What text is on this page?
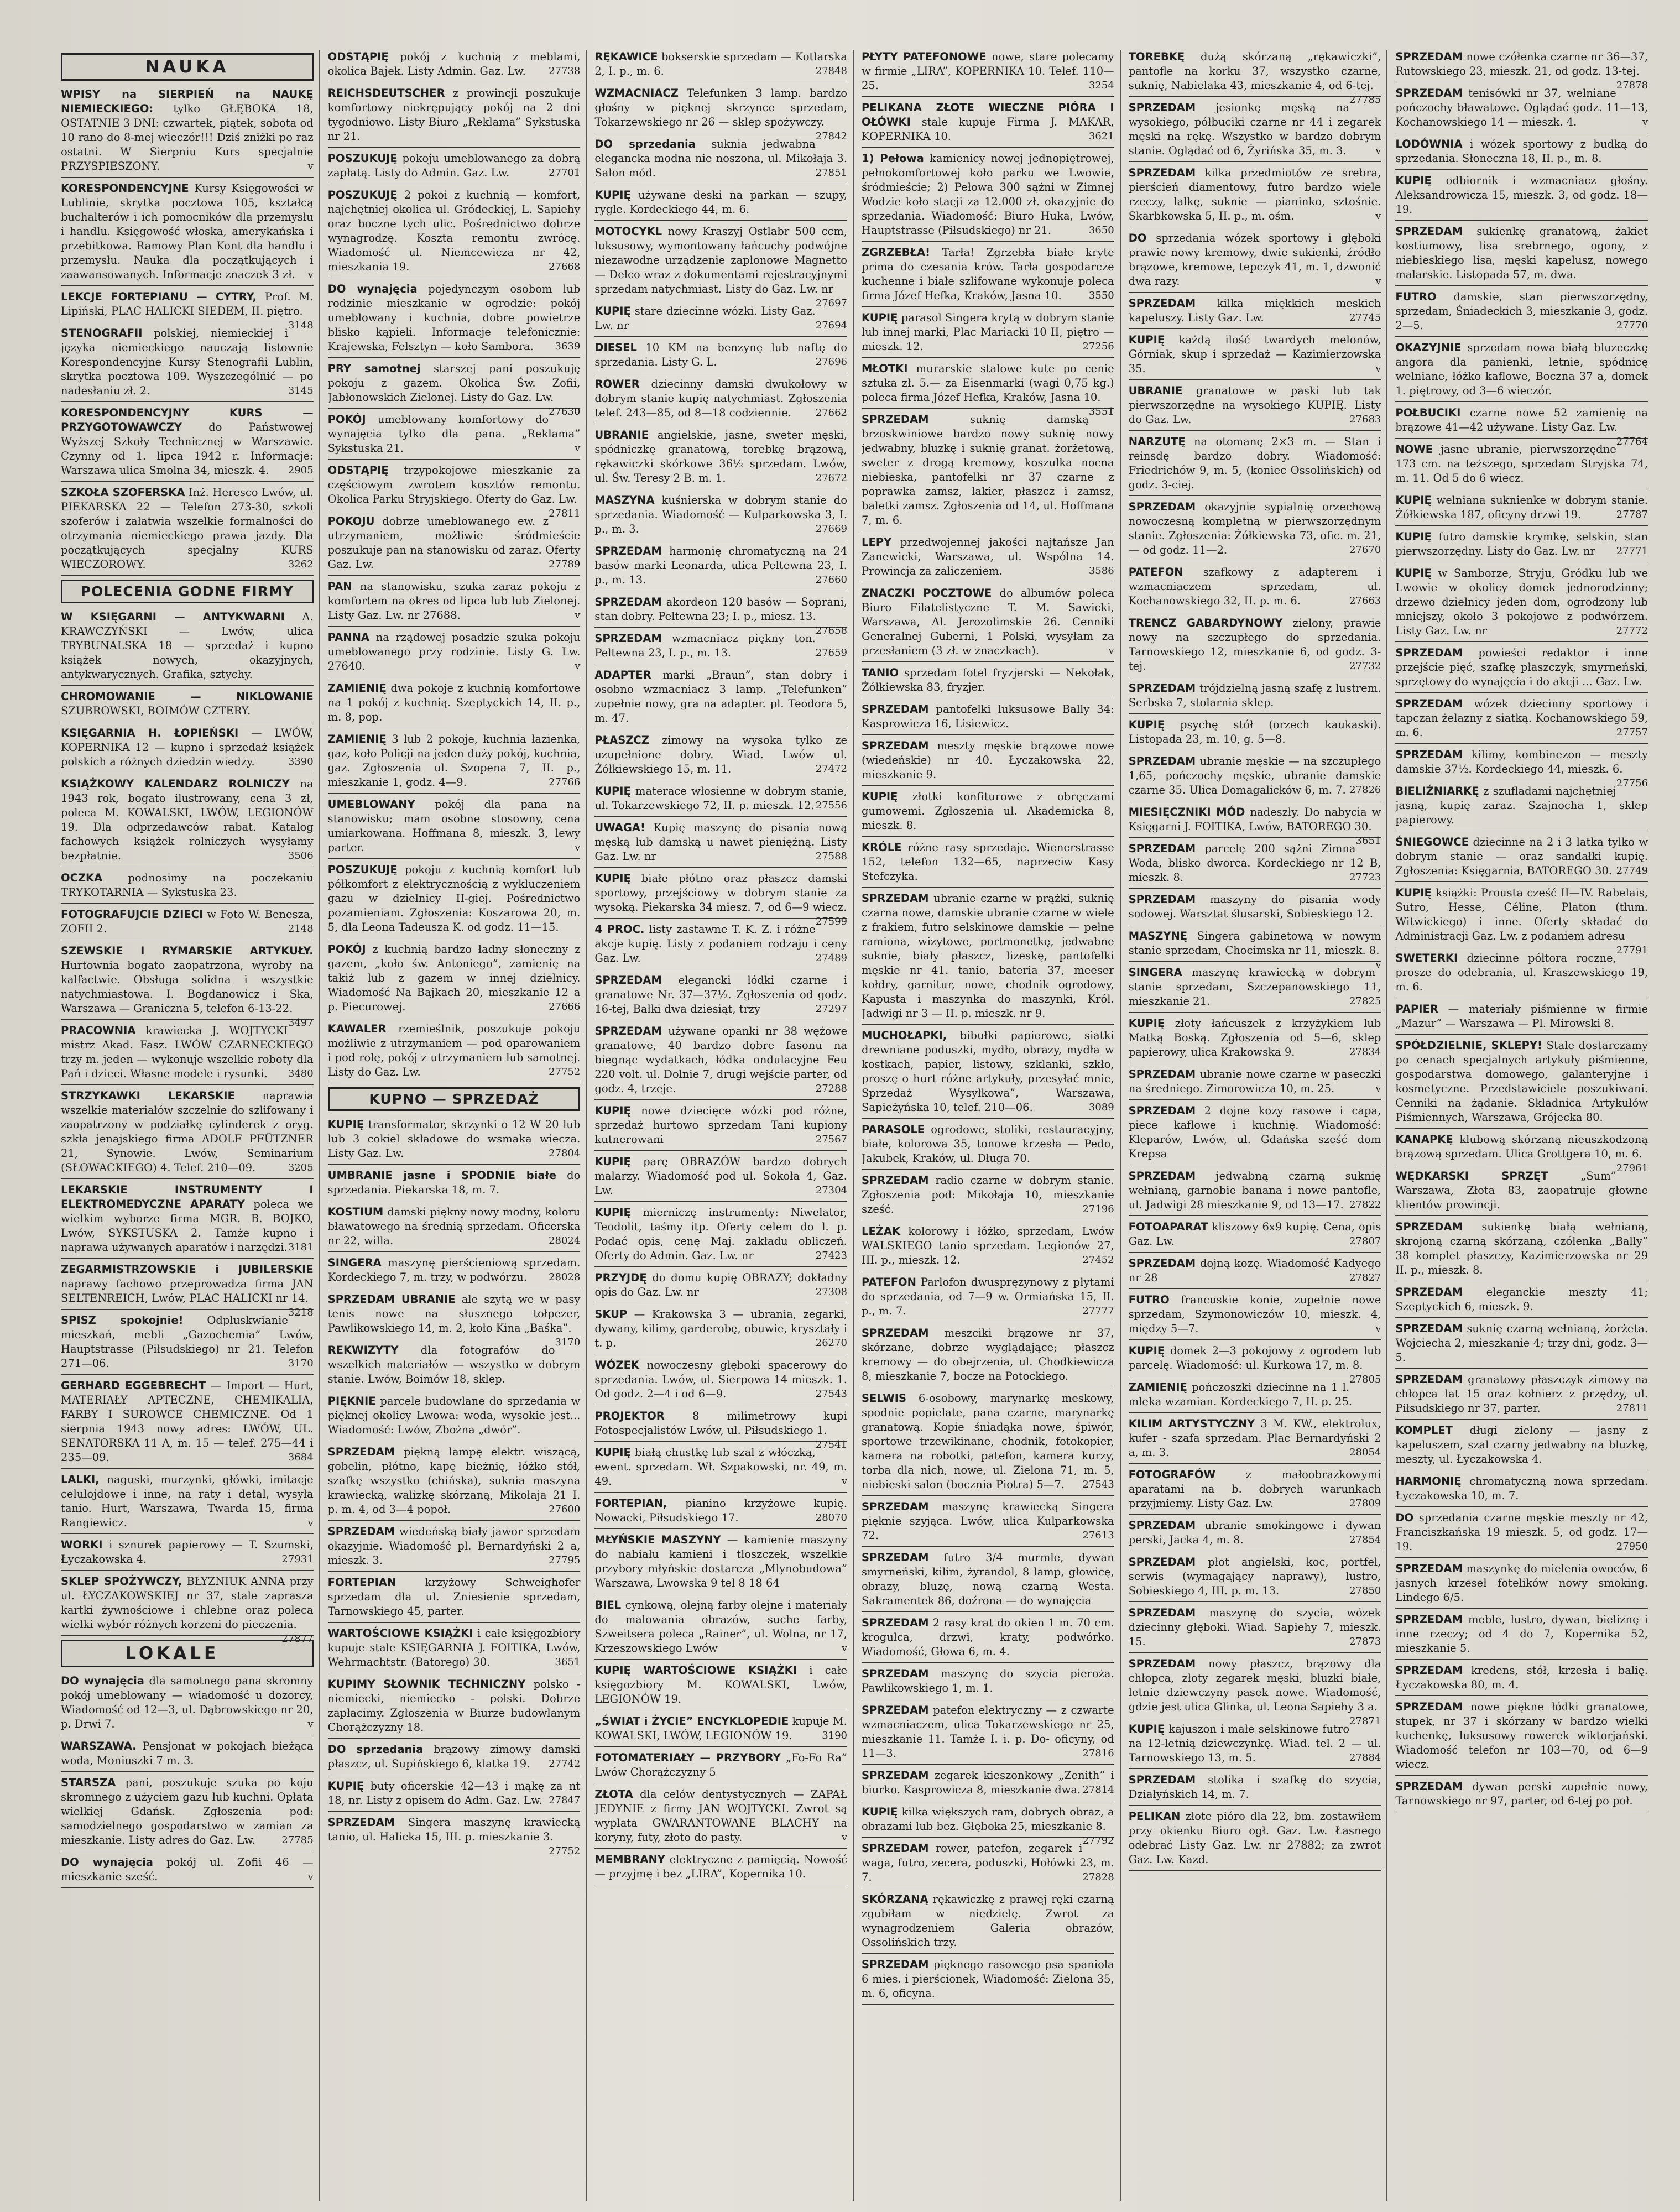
NAUKA
WPISY na SIERPIEŃ na NAUKĘ NIEMIECKIEGO: tylko GŁĘBOKA 18, OSTATNIE 3 DNI: czwartek, piątek, sobota od 10 rano do 8-mej wieczór!!! Dziś zniżki po raz ostatni. W Sierpniu Kurs specjalnie PRZYSPIESZONY.	v
KORESPONDENCYJNE Kursy Księgowości w Lublinie, skrytka pocztowa 105, kształcą buchalterów i ich pomocników dla przemysłu i handlu. Księgowość włoska, amerykańska i przebitkowa. Ramowy Plan Kont dla handlu i przemysłu. Nauka dla początkujących i zaawansowanych. Informacje znaczek 3 zł. v
LEKCJE FORTEPIANU — CYTRY, Prof. M. Lipiński, PLAC HALICKI SIEDEM, II. piętro.
3148
STENOGRAFII polskiej, niemieckiej i języka niemieckiego nauczają listownie Korespondencyjne Kursy Stenografii Lublin, skrytka pocztowa 109. Wyszczególnić — po nadesłaniu zł. 2.	3145
KORESPONDENCYJNY KURS — PRZYGOTOWAWCZY do Państwowej Wyższej Szkoły Technicznej w Warszawie. Czynny od 1. lipca 1942 r. Informacje: Warszawa ulica Smolna 34, mieszk. 4. 2905
SZKOŁA SZOFERSKA Inż. Heresco Lwów, ul. PIEKARSKA 22 — Telefon 273-30, szkoli szoferów i załatwia wszelkie formalności do otrzymania niemieckiego prawa jazdy. Dla początkujących specjalny KURS WIECZOROWY.	3262
POLECENIA GODNE FIRMY
W KSIĘGARNI — ANTYKWARNI A. KRAWCZYŃSKI — Lwów, ulica TRYBUNALSKA 18 — sprzedaż i kupno książek nowych, okazyjnych, antykwarycznych. Grafika, sztychy.
CHROMOWANIE — NIKLOWANIE SZUBROWSKI, BOIMÓW CZTERY.
KSIĘGARNIA H. ŁOPIEŃSKI — LWÓW, KOPERNIKA 12 — kupno i sprzedaż książek polskich a różnych dziedzin wiedzy.	3390
KSIĄŻKOWY KALENDARZ ROLNICZY na 1943 rok, bogato ilustrowany, cena 3 zł, poleca M. KOWALSKI, LWÓW, LEGIONÓW 19. Dla odprzedawców rabat. Katalog fachowych książek rolniczych wysyłamy bezpłatnie.	3506
OCZKA podnosimy na poczekaniu TRYKOTARNIA — Sykstuska 23.
FOTOGRAFUJCIE DZIECI w Foto W. Benesza, ZOFII 2.	2148
SZEWSKIE I RYMARSKIE ARTYKUŁY. Hurtownia bogato zaopatrzona, wyroby na kalfactwie. Obsługa solidna i wszystkie natychmiastowa. I. Bogdanowicz i Ska, Warszawa — Graniczna 5, telefon 6-13-22.
3497
PRACOWNIA krawiecka J. WOJTYCKI mistrz Akad. Fasz. LWÓW CZARNECKIEGO trzy m. jeden — wykonuje wszelkie roboty dla Pań i dzieci. Własne modele i rysunki. 3480
STRZYKAWKI LEKARSKIE	naprawia wszelkie materiałów szczelnie do szlifowany i zaopatrzony w podziałkę cylinderek z oryg. szkła jenajskiego firma ADOLF PFÜTZNER 21, Synowie. Lwów, Seminarium (SŁOWACKIEGO) 4. Telef. 210—09.	3205
LEKARSKIE INSTRUMENTY I ELEKTROMEDYCZNE APARATY poleca we wielkim wyborze firma MGR. B. BOJKO, Lwów, SYKSTUSKA 2. Tamże kupno i naprawa używanych aparatów i narzędzi. 3181
ZEGARMISTRZOWSKIE i JUBILERSKIE naprawy fachowo przeprowadza firma JAN SELTENREICH, Lwów, PLAC HALICKI nr 14.
3218
SPISZ spokojnie! Odpluskwianie mieszkań, mebli „Gazochemia” Lwów, Hauptstrasse (Piłsudskiego) nr 21. Telefon 271—06.	3170
GERHARD EGGEBRECHT — Import — Hurt, MATERIAŁY APTECZNE, CHEMIKALIA, FARBY I SUROWCE CHEMICZNE. Od 1 sierpnia 1943 nowy adres: LWÓW, UL. SENATORSKA 11 A, m. 15 — telef. 275—44 i 235—09.	3684
LALKI, naguski, murzynki, główki, imitacje celulojdowe i inne, na raty i detal, wysyła tanio. Hurt, Warszawa, Twarda 15, firma Rangiewicz.	v
WORKI i sznurek papierowy — T. Szumski, Łyczakowska 4.	27931
SKLEP SPOŻYWCZY, BŁYZNIUK ANNA przy ul. ŁYCZAKOWSKIEJ nr 37, stale zaprasza kartki żywnościowe i chlebne oraz poleca wielki wybór różnych korzeni do pieczenia.
27877
LOKALE
DO wynajęcia dla samotnego pana skromny pokój umeblowany — wiadomość u dozorcy, Wiadomość od 12—3, ul. Dąbrowskiego nr 20, p. Drwi 7.	v
WARSZAWA. Pensjonat w pokojach bieżąca woda, Moniuszki 7 m. 3.
STARSZA pani, poszukuje szuka po koju skromnego z użyciem gazu lub kuchni. Opłata wielkiej Gdańsk. Zgłoszenia pod: samodzielnego gospodarstwo w zamian za mieszkanie. Listy adres do Gaz. Lw.	27785
DO wynajęcia pokój ul. Zofii 46 — mieszkanie sześć.	v
ODSTĄPIĘ pokój z kuchnią z meblami, okolica Bajek. Listy Admin. Gaz. Lw. 27738
REICHSDEUTSCHER z prowincji poszukuje komfortowy niekrępujący pokój na 2 dni tygodniowo. Listy Biuro „Reklama” Sykstuska nr 21.
POSZUKUJĘ pokoju umeblowanego za dobrą zapłatą. Listy do Admin. Gaz. Lw.	27701
POSZUKUJĘ 2 pokoi z kuchnią — komfort, najchętniej okolica ul. Gródeckiej, L. Sapiehy oraz boczne tych ulic. Pośrednictwo dobrze wynagrodzę. Koszta remontu zwrócę. Wiadomość ul. Niemcewicza nr 42, mieszkania 19.	27668
DO wynajęcia pojedynczym osobom lub rodzinie mieszkanie w ogrodzie: pokój umeblowany i kuchnia, dobre powietrze blisko kąpieli. Informacje telefonicznie: Krajewska, Felsztyn — koło Sambora. 3639
PRY samotnej starszej pani poszukuję pokoju z gazem. Okolica Św. Zofii, Jabłonowskich Zielonej. Listy do Gaz. Lw.
27630
POKÓJ umeblowany komfortowy do wynajęcia tylko dla pana. „Reklama” Sykstuska 21.	v
ODSTĄPIĘ trzypokojowe mieszkanie za częściowym zwrotem kosztów remontu. Okolica Parku Stryjskiego. Oferty do Gaz. Lw.
27811
POKOJU dobrze umeblowanego ew. z utrzymaniem, możliwie śródmieście poszukuje pan na stanowisku od zaraz. Oferty Gaz. Lw.	27789
PAN na stanowisku, szuka zaraz pokoju z komfortem na okres od lipca lub lub Zielonej. Listy Gaz. Lw. nr 27688.	v
PANNA na rządowej posadzie szuka pokoju umeblowanego przy rodzinie. Listy G. Lw. 27640.	v
ZAMIENIĘ dwa pokoje z kuchnią komfortowe na 1 pokój z kuchnią. Szeptyckich 14, II. p., m. 8, pop.
ZAMIENIĘ 3 lub 2 pokoje, kuchnia łazienka, gaz, koło Policji na jeden duży pokój, kuchnia, gaz. Zgłoszenia ul. Szopena 7, II. p., mieszkanie 1, godz. 4—9.	27766
UMEBLOWANY pokój dla pana na stanowisku; mam osobne stosowny, cena umiarkowana. Hoffmana 8, mieszk. 3, lewy parter.	v
POSZUKUJĘ pokoju z kuchnią komfort lub półkomfort z elektrycznością z wykluczeniem gazu w dzielnicy II-giej. Pośrednictwo pozamieniam. Zgłoszenia: Koszarowa 20, m. 5, dla Leona Tadeusza K. od godz. 11—15.
POKÓJ z kuchnią bardzo ładny słoneczny z gazem, „koło św. Antoniego”, zamienię na takiż lub z gazem w innej dzielnicy. Wiadomość Na Bajkach 20, mieszkanie 12 a p. Piecurowej.	27666
KAWALER rzemieślnik, poszukuje pokoju możliwie z utrzymaniem — pod oparowaniem i pod rolę, pokój z utrzymaniem lub samotnej. Listy do Gaz. Lw.	27752
KUPNO — SPRZEDAŻ
KUPIĘ transformator, skrzynki o 12 W 20 lub lub 3 cokiel składowe do wsmaka wiecza. Listy Gaz. Lw.	27804
UMBRANIE jasne i SPODNIE białe do sprzedania. Piekarska 18, m. 7.
KOSTIUM damski piękny nowy modny, koloru bławatowego na średnią sprzedam. Oficerska nr 22, willa.	28024
SINGERA maszynę pierścieniową sprzedam. Kordeckiego 7, m. trzy, w podwórzu. 28028
SPRZEDAM UBRANIE ale szytą we w pasy tenis nowe na słusznego tołpezer, Pawlikowskiego 14, m. 2, koło Kina „Baśka”.
3170
REKWIZYTY dla fotografów do wszelkich materiałów — wszystko w dobrym stanie. Lwów, Boimów 18, sklep.
PIĘKNIE parcele budowlane do sprzedania w pięknej okolicy Lwowa: woda, wysokie jest... Wiadomość: Lwów, Zbożna „dwór”.
SPRZEDAM piękną lampę elektr. wiszącą, gobelin, płótno, kapę bieżnię, łóżko stół, szafkę wszystko (chińska), suknia maszyna krawiecką, walizkę skórzaną, Mikołaja 21 I. p. m. 4, od 3—4 popoł.	27600
SPRZEDAM wiedeńską biały jawor sprzedam okazyjnie. Wiadomość pl. Bernardyński 2 a, mieszk. 3.	27795
FORTEPIAN	krzyżowy Schweighofer sprzedam dla ul. Zniesienie sprzedam, Tarnowskiego 45, parter.
WARTOŚCIOWE KSIĄŻKI i całe księgozbiory kupuje stale KSIĘGARNIA J. FOITIKA, Lwów, Wehrmachtstr. (Batorego) 30.	3651
KUPIMY SŁOWNIK TECHNICZNY polsko - niemiecki, niemiecko - polski. Dobrze zapłacimy. Zgłoszenia w Biurze budowlanym Chorążczyzny 18.
DO sprzedania brązowy zimowy damski płaszcz, ul. Supińskiego 6, klatka 19. 27742
KUPIĘ buty oficerskie 42—43 i mąkę za nt 18, nr. Listy z opisem do Adm. Gaz. Lw. 27847
SPRZEDAM Singera maszynę krawiecką tanio, ul. Halicka 15, III. p. mieszkanie 3.
27752
RĘKAWICE bokserskie sprzedam — Kotlarska 2, I. p., m. 6.	27848
WZMACNIACZ Telefunken 3 lamp. bardzo głośny w pięknej skrzynce sprzedam, Tokarzewskiego nr 26 — sklep spożywczy.
27842
DO sprzedania suknia jedwabna elegancka modna nie noszona, ul. Mikołaja 3. Salon mód.	27851
KUPIĘ używane deski na parkan — szupy, rygle. Kordeckiego 44, m. 6.
MOTOCYKL nowy Kraszyj Ostlabr 500 ccm, luksusowy, wymontowany łańcuchy podwójne niezawodne urządzenie zapłonowe Magnetto — Delco wraz z dokumentami rejestracyjnymi sprzedam natychmiast. Listy do Gaz. Lw. nr
27697
KUPIĘ stare dziecinne wózki. Listy Gaz. Lw. nr	27694
DIESEL 10 KM na benzynę lub naftę do sprzedania. Listy G. L.	27696
ROWER dziecinny damski dwukołowy w dobrym stanie kupię natychmiast. Zgłoszenia telef. 243—85, od 8—18 codziennie. 27662
UBRANIE angielskie, jasne, sweter męski, spódniczkę granatową, torebkę brązową, rękawiczki skórkowe 36½ sprzedam. Lwów, ul. Św. Teresy 2 B. m. 1.	27672
MASZYNA kuśnierska w dobrym stanie do sprzedania. Wiadomość — Kulparkowska 3, I. p., m. 3.	27669
SPRZEDAM harmonię chromatyczną na 24 basów marki Leonarda, ulica Peltewna 23, I. p., m. 13.	27660
SPRZEDAM akordeon 120 basów — Soprani, stan dobry. Peltewna 23; I. p., miesz. 13.
27658
SPRZEDAM wzmacniacz piękny ton. Peltewna 23, I. p., m. 13.	27659
ADAPTER marki „Braun”, stan dobry i osobno wzmacniacz 3 lamp. „Telefunken” zupełnie nowy, gra na adapter. pl. Teodora 5, m. 47.
PŁASZCZ zimowy na wysoka tylko ze uzupełnione dobry. Wiad. Lwów ul. Żółkiewskiego 15, m. 11.	27472
KUPIĘ materace włosienne w dobrym stanie, ul. Tokarzewskiego 72, II. p. mieszk. 12. 27556
UWAGA! Kupię maszynę do pisania nową męską lub damską u nawet pieniężną. Listy Gaz. Lw. nr	27588
KUPIĘ białe płótno oraz płaszcz damski sportowy, przejściowy w dobrym stanie za wysoką. Piekarska 34 miesz. 7, od 6—9 wiecz.
27599
4 PROC. listy zastawne T. K. Z. i różne akcje kupię. Listy z podaniem rodzaju i ceny Gaz. Lw.	27489
SPRZEDAM elegancki łódki czarne i granatowe Nr. 37—37½. Zgłoszenia od godz. 16-tej, Bałki dwa dziesiąt, trzy	27297
SPRZEDAM używane opanki nr 38 wężowe granatowe, 40 bardzo dobre fasonu na biegnąc wydatkach, łódka ondulacyjne Feu 220 volt. ul. Dolnie 7, drugi wejście parter, od godz. 4, trzeje.	27288
KUPIĘ nowe dziecięce wózki pod różne, sprzedaż hurtowo sprzedam Tani kupiony kutnerowani	27567
KUPIĘ parę OBRAZÓW bardzo dobrych malarzy. Wiadomość pod ul. Sokoła 4, Gaz. Lw.	27304
KUPIĘ mierniczę instrumenty: Niwelator, Teodolit, taśmy itp. Oferty celem do l. p. Podać opis, cenę Maj. zakładu obliczeń. Oferty do Admin. Gaz. Lw. nr	27423
PRZYJDĘ do domu kupię OBRAZY; dokładny opis do Gaz. Lw. nr	27308
SKUP — Krakowska 3 — ubrania, zegarki, dywany, kilimy, garderobę, obuwie, kryształy i t. p.	26270
WÓZEK nowoczesny głęboki spacerowy do sprzedania. Lwów, ul. Sierpowa 14 mieszk. 1. Od godz. 2—4 i od 6—9.	27543
PROJEKTOR	8 milimetrowy kupi Fotospecjalistów Lwów, ul. Piłsudskiego 1.
27541
KUPIĘ białą chustkę lub szal z włóczką, ewent. sprzedam. Wł. Szpakowski, nr. 49, m. 49.	v
FORTEPIAN, pianino krzyżowe kupię. Nowacki, Piłsudskiego 17.	28070
MŁYŃSKIE MASZYNY — kamienie maszyny do nabiału kamieni i tłoszczek, wszelkie przybory młyńskie dostarcza „Mlynobudowa” Warszawa, Lwowska 9 tel 8 18 64
BIEL cynkową, olejną farby olejne i materiały do malowania obrazów, suche farby, Szweitsera poleca „Rainer”, ul. Wolna, nr 17, Krzeszowskiego Lwów	v
KUPIĘ WARTOŚCIOWE KSIĄŻKI i całe księgozbiory M. KOWALSKI, Lwów, LEGIONÓW 19.
„ŚWIAT i ŻYCIE” ENCYKLOPEDIE kupuje M. KOWALSKI, LWÓW, LEGIONÓW 19.	3190
FOTOMATERIAŁY — PRZYBORY „Fo-Fo Ra” Lwów Chorążczyzny 5
ZŁOTA dla celów dentystycznych — ZAPAŁ JEDYNIE z firmy JAN WOJTYCKI. Zwrot są wyplata GWARANTOWANE BLACHY na koryny, futy, złoto do pasty.	v
MEMBRANY elektryczne z pamięcią. Nowość — przyjmę i bez „LIRA”, Kopernika 10.
PŁYTY PATEFONOWE nowe, stare polecamy w firmie „LIRA”, KOPERNIKA 10. Telef. 110—25.	3254
PELIKANA ZŁOTE WIECZNE PIÓRA I OŁÓWKI stale kupuje Firma J. MAKAR, KOPERNIKA 10.	3621
1) Pełowa kamienicy nowej jednopiętrowej, pełnokomfortowej koło parku we Lwowie, śródmieście; 2) Pełowa 300 sążni w Zimnej Wodzie koło stacji za 12.000 zł. okazyjnie do sprzedania. Wiadomość: Biuro Huka, Lwów, Hauptstrasse (Piłsudskiego) nr 21.	3650
ZGRZEBŁA! Tarła! Zgrzebła białe kryte prima do czesania krów. Tarła gospodarcze kuchenne i białe szlifowane wykonuje poleca firma Józef Hefka, Kraków, Jasna 10.	3550
KUPIĘ parasol Singera krytą w dobrym stanie lub innej marki, Plac Mariacki 10 II, piętro — mieszk. 12.	27256
MŁOTKI murarskie stalowe kute po cenie sztuka zł. 5.— za Eisenmarki (wagi 0,75 kg.) poleca firma Józef Hefka, Kraków, Jasna 10.
3551
SPRZEDAM	suknię damską brzoskwiniowe bardzo nowy suknię nowy jedwabny, bluzkę i suknię granat. żorżetową, sweter z drogą kremowy, koszulka nocna niebieska, pantofelki nr 37 czarne z poprawka zamsz, lakier, płaszcz i zamsz, baletki zamsz. Zgłoszenia od 14, ul. Hoffmana 7, m. 6.
LEPY przedwojennej jakości najtańsze Jan Zanewicki, Warszawa, ul. Wspólna 14. Prowincja za zaliczeniem.	3586
ZNACZKI POCZTOWE do albumów poleca Biuro Filatelistyczne T. M. Sawicki, Warszawa, Al. Jerozolimskie 26. Cenniki Generalnej Guberni, 1 Polski, wysyłam za przesłaniem (3 zł. w znaczkach).	v
TANIO sprzedam fotel fryzjerski — Nekołak, Żółkiewska 83, fryzjer.
SPRZEDAM pantofelki luksusowe Bally 34: Kasprowicza 16, Lisiewicz.
SPRZEDAM meszty męskie brązowe nowe (wiedeńskie) nr 40. Łyczakowska 22, mieszkanie 9.
KUPIĘ złotki konfiturowe z obręczami gumowemi. Zgłoszenia ul. Akademicka 8, mieszk. 8.
KRÓLE różne rasy sprzedaje. Wienerstrasse 152, telefon 132—65, naprzeciw Kasy Stefczyka.
SPRZEDAM ubranie czarne w prążki, suknię czarna nowe, damskie ubranie czarne w wiele z frakiem, futro selskinowe damskie — pełne ramiona, wizytowe, portmonetkę, jedwabne suknie, biały płaszcz, lizeskę, pantofelki męskie nr 41. tanio, bateria 37, meeser kołdry, garnitur, nowe, chodnik ogrodowy, Kapusta i maszynka do maszynki, Król. Jadwigi nr 3 — II. p. mieszk. nr 9.
MUCHOŁAPKI, bibułki papierowe, siatki drewniane poduszki, mydło, obrazy, mydła w kostkach, papier, listowy, szklanki, szkło, proszę o hurt różne artykuły, przesyłać mnie, Sprzedaż Wysyłkowa”, Warszawa, Sapieżyńska 10, telef. 210—06.	3089
PARASOLE ogrodowe, stoliki, restauracyjny, białe, kolorowa 35, tonowe krzesła — Pedo, Jakubek, Kraków, ul. Długa 70.
SPRZEDAM radio czarne w dobrym stanie. Zgłoszenia pod: Mikołaja 10, mieszkanie sześć.	27196
LEŻAK kolorowy i łóżko, sprzedam, Lwów WALSKIEGO tanio sprzedam. Legionów 27, III. p., mieszk. 12.	27452
PATEFON Parlofon dwuspręzynowy z płytami do sprzedania, od 7—9 w. Ormiańska 15, II. p., m. 7.	27777
SPRZEDAM meszciki brązowe nr 37, skórzane, dobrze wyglądające; płaszcz kremowy — do obejrzenia, ul. Chodkiewicza 8, mieszkanie 7, bocze na Potockiego.
SELWIS 6-osobowy, marynarkę meskowy, spodnie popielate, pana czarne, marynarkę granatową. Kopie śniadąka nowe, śpiwór, sportowe trzewikinane, chodnik, fotokopier, kamera na robotki, patefon, kamera kurzy, torba dla nich, nowe, ul. Zielona 71, m. 5, niebieski salon (bocznia Piotra) 5—7. 27543
SPRZEDAM maszynę krawiecką Singera pięknie szyjąca. Lwów, ulica Kulparkowska 72.	27613
SPRZEDAM futro 3/4 murmle, dywan smyrneński, kilim, żyrandol, 8 lamp, głowicę, obrazy, bluzę, nową czarną Westa. Sakramentek 86, doźrona — do wynajęcia
SPRZEDAM 2 rasy krat do okien 1 m. 70 cm. krogulca, drzwi, kraty, podwórko. Wiadomość, Głowa 6, m. 4.
SPRZEDAM maszynę do szycia pieroża. Pawlikowskiego 1, m. 1.
SPRZEDAM patefon elektryczny — z czwarte wzmacniaczem, ulica Tokarzewskiego nr 25, mieszkanie 11. Tamże I. i. p. Do- oficyny, od 11—3.	27816
SPRZEDAM zegarek kieszonkowy „Zenith” i biurko. Kasprowicza 8, mieszkanie dwa. 27814
KUPIĘ kilka większych ram, dobrych obraz, a obrazami lub bez. Głęboka 25, mieszkanie 8.
27792
SPRZEDAM rower, patefon, zegarek i waga, futro, zecera, poduszki, Hołówki 23, m. 7.	27828
SKÓRZANĄ rękawiczkę z prawej ręki czarną zgubiłam w niedzielę. Zwrot za wynagrodzeniem Galeria obrazów, Ossolińskich trzy.
SPRZEDAM pięknego rasowego psa spaniola 6 mies. i pierścionek, Wiadomość: Zielona 35, m. 6, oficyna.
TOREBKĘ dużą skórzaną „rękawiczki”, pantofle na korku 37, wszystko czarne, suknię, Nabielaka 43, mieszkanie 4, od 6-tej.
27785
SPRZEDAM jesionkę męską na wysokiego, półbuciki czarne nr 44 i zegarek męski na rękę. Wszystko w bardzo dobrym stanie. Oglądać od 6, Żyrińska 35, m. 3.	v
SPRZEDAM kilka przedmiotów ze srebra, pierścień diamentowy, futro bardzo wiele rzeczy, lalkę, suknie — pianinko, sztośnie. Skarbkowska 5, II. p., m. ośm.	v
DO sprzedania wózek sportowy i głęboki prawie nowy kremowy, dwie sukienki, źródło brązowe, kremowe, tepczyk 41, m. 1, dzwonić dwa razy.	v
SPRZEDAM kilka miękkich meskich kapeluszy. Listy Gaz. Lw.	27745
KUPIĘ każdą ilość twardych melonów, Górniak, skup i sprzedaż — Kazimierzowska 35.	v
UBRANIE granatowe w paski lub tak pierwszorzędne na wysokiego KUPIĘ. Listy do Gaz. Lw.	27683
NARZUTĘ na otomanę 2×3 m. — Stan i reinsdę bardzo dobry. Wiadomość: Friedrichów 9, m. 5, (koniec Ossolińskich) od godz. 3-ciej.
SPRZEDAM okazyjnie sypialnię orzechową nowoczesną kompletną w pierwszorzędnym stanie. Zgłoszenia: Żółkiewska 73, ofic. m. 21, — od godz. 11—2.	27670
PATEFON szafkowy z adapterem i wzmacniaczem sprzedam, ul. Kochanowskiego 32, II. p. m. 6.	27663
TRENCZ GABARDYNOWY zielony, prawie nowy na szczupłego do sprzedania. Tarnowskiego 12, mieszkanie 6, od godz. 3-tej.	27732
SPRZEDAM trójdzielną jasną szafę z lustrem. Serbska 7, stolarnia sklep.
KUPIĘ psychę stół (orzech kaukaski). Listopada 23, m. 10, g. 5—8.
SPRZEDAM ubranie męskie — na szczupłego 1,65, pończochy męskie, ubranie damskie czarne 35. Ulica Domagalicków 6, m. 7. 27826
MIESIĘCZNIKI MÓD nadeszły. Do nabycia w Księgarni J. FOITIKA, Lwów, BATOREGO 30.
3651
SPRZEDAM parcelę 200 sążni Zimna Woda, blisko dworca. Kordeckiego nr 12 B, mieszk. 8.	27723
SPRZEDAM maszyny do pisania wody sodowej. Warsztat ślusarski, Sobieskiego 12.
MASZYNĘ Singera gabinetową w nowym stanie sprzedam, Chocimska nr 11, mieszk. 8.
v
SINGERA maszynę krawiecką w dobrym stanie sprzedam, Szczepanowskiego 11, mieszkanie 21.	27825
KUPIĘ złoty łańcuszek z krzyżykiem lub Matką Boską. Zgłoszenia od 5—6, sklep papierowy, ulica Krakowska 9.	27834
SPRZEDAM ubranie nowe czarne w paseczki na średniego. Zimorowicza 10, m. 25.	v
SPRZEDAM 2 dojne kozy rasowe i capa, piece kaflowe i kuchnię. Wiadomość: Kleparów, Lwów, ul. Gdańska sześć dom Krepsa
SPRZEDAM jedwabną czarną suknię wełnianą, garnobie banana i nowe pantofle, ul. Jadwigi 28 mieszkanie 9, od 13—17. 27822
FOTOAPARAT kliszowy 6x9 kupię. Cena, opis Gaz. Lw.	27807
SPRZEDAM dojną kozę. Wiadomość Kadyego nr 28	27827
FUTRO francuskie konie, zupełnie nowe sprzedam, Szymonowiczów 10, mieszk. 4, między 5—7.	v
KUPIĘ domek 2—3 pokojowy z ogrodem lub parcelę. Wiadomość: ul. Kurkowa 17, m. 8.
27805
ZAMIENIĘ pończoszki dziecinne na 1 l. mleka wzamian. Kordeckiego 7, II. p. 25.
KILIM ARTYSTYCZNY 3 M. KW., elektrolux, kufer - szafa sprzedam. Plac Bernardyński 2 a, m. 3.	28054
FOTOGRAFÓW	z małoobrazkowymi aparatami na b. dobrych warunkach przyjmiemy. Listy Gaz. Lw.	27809
SPRZEDAM ubranie smokingowe i dywan perski, Jacka 4, m. 8.	27854
SPRZEDAM płot angielski, koc, portfel, serwis (wymagający naprawy), lustro, Sobieskiego 4, III. p. m. 13.	27850
SPRZEDAM maszynę do szycia, wózek dziecinny głęboki. Wiad. Sapiehy 7, mieszk. 15.	27873
SPRZEDAM nowy płaszcz, brązowy dla chłopca, złoty zegarek męski, bluzki białe, letnie dziewczyny pasek nowe. Wiadomość, gdzie jest ulica Glinka, ul. Leona Sapiehy 3 a.
27871
KUPIĘ kajuszon i małe selskinowe futro na 12-letnią dziewczynkę. Wiad. tel. 2 — ul. Tarnowskiego 13, m. 5.	27884
SPRZEDAM stolika i szafkę do szycia, Działyńskich 14, m. 7.
PELIKAN złote pióro dla 22, bm. zostawiłem przy okienku Biuro ogł. Gaz. Lw. Łasnego odebrać Listy Gaz. Lw. nr 27882; za zwrot Gaz. Lw. Kazd.
SPRZEDAM nowe czółenka czarne nr 36—37, Rutowskiego 23, mieszk. 21, od godz. 13-tej.
27878
SPRZEDAM tenisówki nr 37, welniane pończochy bławatowe. Oglądać godz. 11—13, Kochanowskiego 14 — mieszk. 4.	v
LODÓWNIA i wózek sportowy z budką do sprzedania. Słoneczna 18, II. p., m. 8.
KUPIĘ odbiornik i wzmacniacz głośny. Aleksandrowicza 15, mieszk. 3, od godz. 18—19.
SPRZEDAM sukienkę granatową, żakiet kostiumowy, lisa srebrnego, ogony, z niebieskiego lisa, męski kapelusz, nowego malarskie. Listopada 57, m. dwa.
FUTRO damskie, stan pierwszorzędny, sprzedam, Śniadeckich 3, mieszkanie 3, godz. 2—5.	27770
OKAZYJNIE sprzedam nowa białą bluzeczkę angora dla panienki, letnie, spódnicę welniane, łóżko kaflowe, Boczna 37 a, domek 1. piętrowy, od 3—6 wieczór.
POŁBUCIKI czarne nowe 52 zamienię na brązowe 41—42 używane. Listy Gaz. Lw.
27764
NOWE jasne ubranie, pierwszorzędne 173 cm. na teższego, sprzedam Stryjska 74, m. 11. Od 5 do 6 wiecz.
KUPIĘ welniana suknienke w dobrym stanie. Żółkiewska 187, oficyny drzwi 19.	27787
KUPIĘ futro damskie krymkę, selskin, stan pierwszorzędny. Listy do Gaz. Lw. nr 27771
KUPIĘ w Samborze, Stryju, Gródku lub we Lwowie w okolicy domek jednorodzinny; drzewo dzielnicy jeden dom, ogrodzony lub mniejszy, około 3 pokojowe z podwórzem. Listy Gaz. Lw. nr	27772
SPRZEDAM powieści redaktor i inne przejście pięć, szafkę płaszczyk, smyrneński, sprzętowy do wynajęcia i do akcji ... Gaz. Lw.
SPRZEDAM wózek dziecinny sportowy i tapczan żelazny z siatką. Kochanowskiego 59, m. 6.	27757
SPRZEDAM kilimy, kombinezon — meszty damskie 37½. Kordeckiego 44, mieszk. 6.
27756
BIELIŹNIARKĘ z szufladami najchętniej jasną, kupię zaraz. Szajnocha 1, sklep papierowy.
ŚNIEGOWCE dziecinne na 2 i 3 latka tylko w dobrym stanie — oraz sandałki kupię. Zgłoszenia: Księgarnia, BATOREGO 30. 27749
KUPIĘ książki: Prousta cześć II—IV. Rabelais, Sutro, Hesse, Céline, Platon (tłum. Witwickiego) i inne. Oferty składać do Administracji Gaz. Lw. z podaniem adresu
27791
SWETERKI dziecinne półtora roczne, prosze do odebrania, ul. Kraszewskiego 19, m. 6.
PAPIER — materiały piśmienne w firmie „Mazur” — Warszawa — Pl. Mirowski 8.
SPÓŁDZIELNIE, SKLEPY! Stale dostarczamy po cenach specjalnych artykuły piśmienne, gospodarstwa domowego, galanteryjne i kosmetyczne. Przedstawiciele poszukiwani. Cenniki na żądanie. Składnica Artykułów Piśmiennych, Warszawa, Grójecka 80.
KANAPKĘ klubową skórzaną nieuszkodzoną brązową sprzedam. Ulica Grottgera 10, m. 6.
27961
WĘDKARSKI SPRZĘT	„Sum” Warszawa, Złota 83, zaopatruje głowne klientów prowincji.
SPRZEDAM sukienkę białą wełnianą, skrojoną czarną skórzaną, czółenka „Bally” 38 komplet płaszczy, Kazimierzowska nr 29 II. p., mieszk. 8.
SPRZEDAM eleganckie meszty 41; Szeptyckich 6, mieszk. 9.
SPRZEDAM suknię czarną wełnianą, żorżeta. Wojciecha 2, mieszkanie 4; trzy dni, godz. 3—5.
SPRZEDAM granatowy płaszczyk zimowy na chłopca lat 15 oraz kołnierz z przędzy, ul. Piłsudskiego nr 37, parter.	27811
KOMPLET długi zielony — jasny z kapeluszem, szal czarny jedwabny na bluzkę, meszty, ul. Łyczakowska 4.
HARMONIĘ chromatyczną nowa sprzedam. Łyczakowska 10, m. 7.
DO sprzedania czarne męskie meszty nr 42, Franciszkańska 19 mieszk. 5, od godz. 17—19.	27950
SPRZEDAM maszynkę do mielenia owoców, 6 jasnych krzeseł fotelików nowy smoking. Lindego 6/5.
SPRZEDAM meble, lustro, dywan, bieliznę i inne rzeczy; od 4 do 7, Kopernika 52, mieszkanie 5.
SPRZEDAM kredens, stół, krzesła i balię. Łyczakowska 80, m. 4.
SPRZEDAM nowe piękne łódki granatowe, stupek, nr 37 i skórzany w bardzo wielki kuchenkę, luksusowy rowerek wiktorjański. Wiadomość telefon nr 103—70, od 6—9 wiecz.
SPRZEDAM dywan perski zupełnie nowy, Tarnowskiego nr 97, parter, od 6-tej po poł.
